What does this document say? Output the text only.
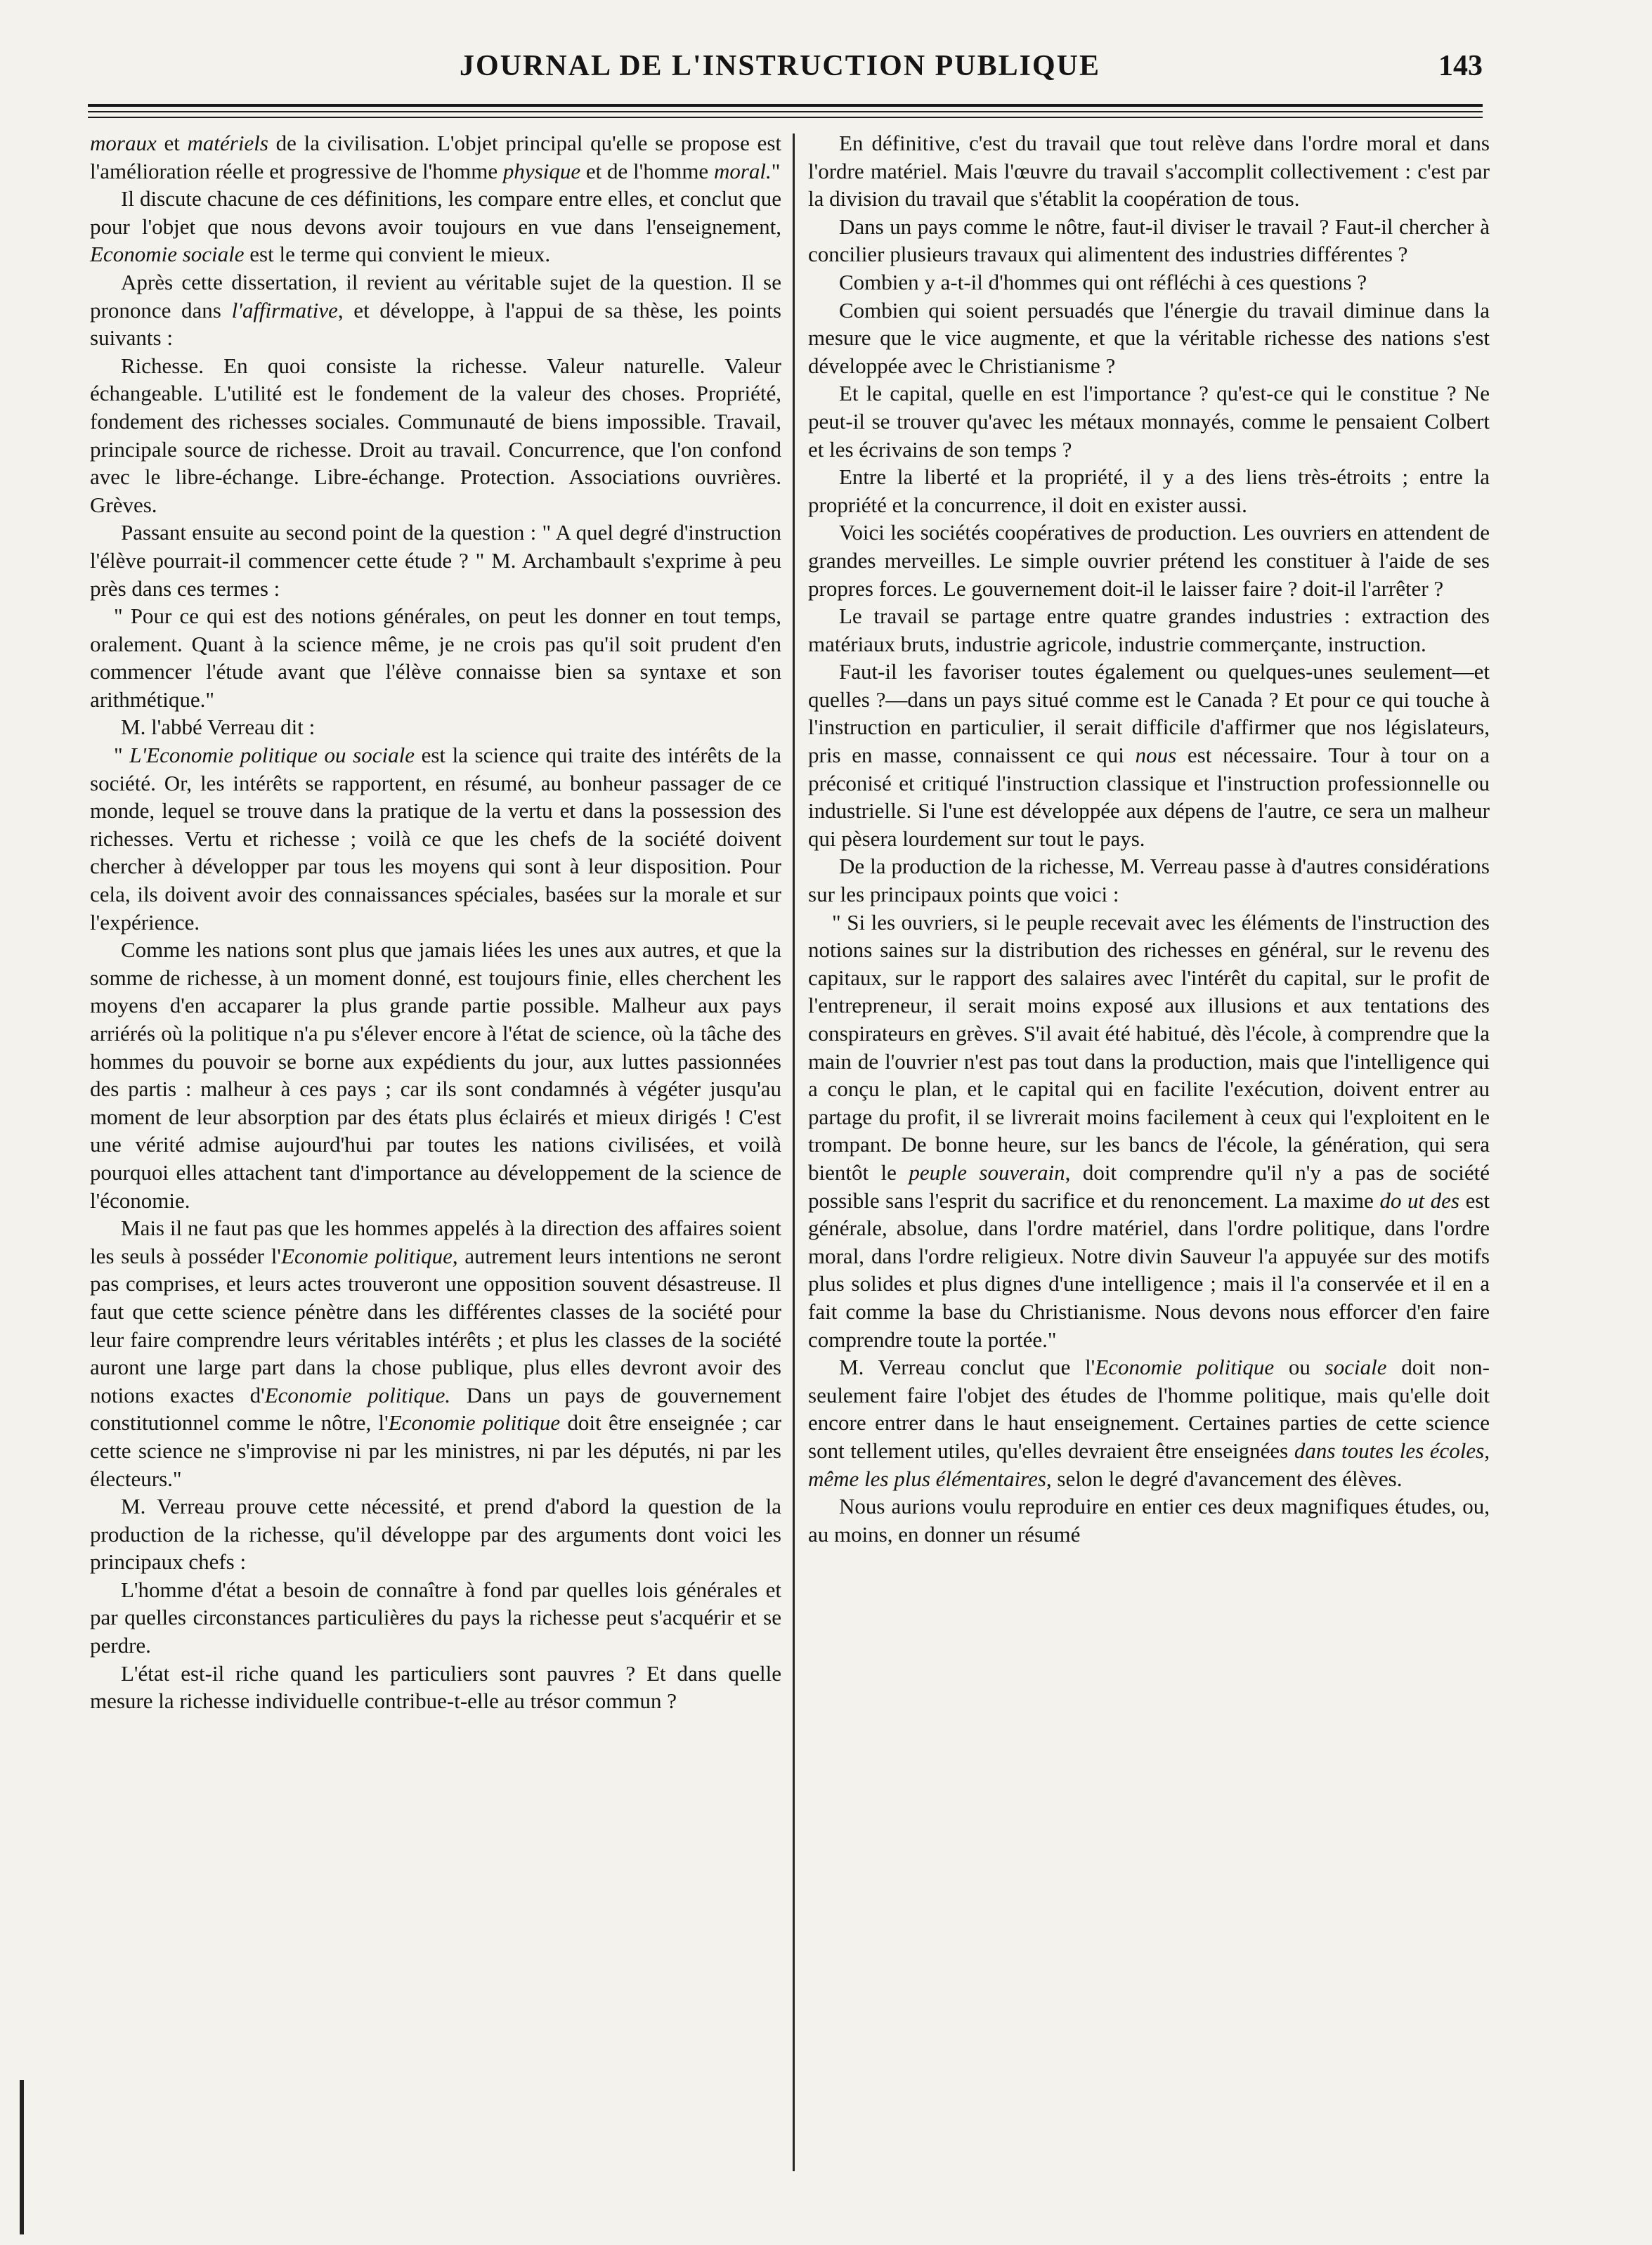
JOURNAL DE L'INSTRUCTION PUBLIQUE	143

moraux et matériels de la civilisation. L'objet principal qu'elle se propose est l'amélioration réelle et progressive de l'homme physique et de l'homme moral."

Il discute chacune de ces définitions, les compare entre elles, et conclut que pour l'objet que nous devons avoir toujours en vue dans l'enseignement, Economie sociale est le terme qui convient le mieux.

Après cette dissertation, il revient au véritable sujet de la question. Il se prononce dans l'affirmative, et développe, à l'appui de sa thèse, les points suivants :

Richesse. En quoi consiste la richesse. Valeur naturelle. Valeur échangeable. L'utilité est le fondement de la valeur des choses. Propriété, fondement des richesses sociales. Communauté de biens impossible. Travail, principale source de richesse. Droit au travail. Concurrence, que l'on confond avec le libre-échange. Libre-échange. Protection. Associations ouvrières. Grèves.

Passant ensuite au second point de la question : " A quel degré d'instruction l'élève pourrait-il commencer cette étude ? " M. Archambault s'exprime à peu près dans ces termes :

" Pour ce qui est des notions générales, on peut les donner en tout temps, oralement. Quant à la science même, je ne crois pas qu'il soit prudent d'en commencer l'étude avant que l'élève connaisse bien sa syntaxe et son arithmétique."

M. l'abbé Verreau dit :

" L'Economie politique ou sociale est la science qui traite des intérêts de la société. Or, les intérêts se rapportent, en résumé, au bonheur passager de ce monde, lequel se trouve dans la pratique de la vertu et dans la possession des richesses. Vertu et richesse ; voilà ce que les chefs de la société doivent chercher à développer par tous les moyens qui sont à leur disposition. Pour cela, ils doivent avoir des connaissances spéciales, basées sur la morale et sur l'expérience.

Comme les nations sont plus que jamais liées les unes aux autres, et que la somme de richesse, à un moment donné, est toujours finie, elles cherchent les moyens d'en accaparer la plus grande partie possible. Malheur aux pays arriérés où la politique n'a pu s'élever encore à l'état de science, où la tâche des hommes du pouvoir se borne aux expédients du jour, aux luttes passionnées des partis : malheur à ces pays ; car ils sont condamnés à végéter jusqu'au moment de leur absorption par des états plus éclairés et mieux dirigés ! C'est une vérité admise aujourd'hui par toutes les nations civilisées, et voilà pourquoi elles attachent tant d'importance au développement de la science de l'économie.

Mais il ne faut pas que les hommes appelés à la direction des affaires soient les seuls à posséder l'Economie politique, autrement leurs intentions ne seront pas comprises, et leurs actes trouveront une opposition souvent désastreuse. Il faut que cette science pénètre dans les différentes classes de la société pour leur faire comprendre leurs véritables intérêts ; et plus les classes de la société auront une large part dans la chose publique, plus elles devront avoir des notions exactes d'Economie politique. Dans un pays de gouvernement constitutionnel comme le nôtre, l'Economie politique doit être enseignée ; car cette science ne s'improvise ni par les ministres, ni par les députés, ni par les électeurs."

M. Verreau prouve cette nécessité, et prend d'abord la question de la production de la richesse, qu'il développe par des arguments dont voici les principaux chefs :

L'homme d'état a besoin de connaître à fond par quelles lois générales et par quelles circonstances particulières du pays la richesse peut s'acquérir et se perdre.

L'état est-il riche quand les particuliers sont pauvres ? Et dans quelle mesure la richesse individuelle contribue-t-elle au trésor commun ?

En définitive, c'est du travail que tout relève dans l'ordre moral et dans l'ordre matériel. Mais l'œuvre du travail s'accomplit collectivement : c'est par la division du travail que s'établit la coopération de tous.

Dans un pays comme le nôtre, faut-il diviser le travail ? Faut-il chercher à concilier plusieurs travaux qui alimentent des industries différentes ?

Combien y a-t-il d'hommes qui ont réfléchi à ces questions ?

Combien qui soient persuadés que l'énergie du travail diminue dans la mesure que le vice augmente, et que la véritable richesse des nations s'est développée avec le Christianisme ?

Et le capital, quelle en est l'importance ? qu'est-ce qui le constitue ? Ne peut-il se trouver qu'avec les métaux monnayés, comme le pensaient Colbert et les écrivains de son temps ?

Entre la liberté et la propriété, il y a des liens très-étroits ; entre la propriété et la concurrence, il doit en exister aussi.

Voici les sociétés coopératives de production. Les ouvriers en attendent de grandes merveilles. Le simple ouvrier prétend les constituer à l'aide de ses propres forces. Le gouvernement doit-il le laisser faire ? doit-il l'arrêter ?

Le travail se partage entre quatre grandes industries : extraction des matériaux bruts, industrie agricole, industrie commerçante, instruction.

Faut-il les favoriser toutes également ou quelques-unes seulement—et quelles ?—dans un pays situé comme est le Canada ? Et pour ce qui touche à l'instruction en particulier, il serait difficile d'affirmer que nos législateurs, pris en masse, connaissent ce qui nous est nécessaire. Tour à tour on a préconisé et critiqué l'instruction classique et l'instruction professionnelle ou industrielle. Si l'une est développée aux dépens de l'autre, ce sera un malheur qui pèsera lourdement sur tout le pays.

De la production de la richesse, M. Verreau passe à d'autres considérations sur les principaux points que voici :

" Si les ouvriers, si le peuple recevait avec les éléments de l'instruction des notions saines sur la distribution des richesses en général, sur le revenu des capitaux, sur le rapport des salaires avec l'intérêt du capital, sur le profit de l'entrepreneur, il serait moins exposé aux illusions et aux tentations des conspirateurs en grèves. S'il avait été habitué, dès l'école, à comprendre que la main de l'ouvrier n'est pas tout dans la production, mais que l'intelligence qui a conçu le plan, et le capital qui en facilite l'exécution, doivent entrer au partage du profit, il se livrerait moins facilement à ceux qui l'exploitent en le trompant. De bonne heure, sur les bancs de l'école, la génération, qui sera bientôt le peuple souverain, doit comprendre qu'il n'y a pas de société possible sans l'esprit du sacrifice et du renoncement. La maxime do ut des est générale, absolue, dans l'ordre matériel, dans l'ordre politique, dans l'ordre moral, dans l'ordre religieux. Notre divin Sauveur l'a appuyée sur des motifs plus solides et plus dignes d'une intelligence ; mais il l'a conservée et il en a fait comme la base du Christianisme. Nous devons nous efforcer d'en faire comprendre toute la portée."

M. Verreau conclut que l'Economie politique ou sociale doit non-seulement faire l'objet des études de l'homme politique, mais qu'elle doit encore entrer dans le haut enseignement. Certaines parties de cette science sont tellement utiles, qu'elles devraient être enseignées dans toutes les écoles, même les plus élémentaires, selon le degré d'avancement des élèves.

Nous aurions voulu reproduire en entier ces deux magnifiques études, ou, au moins, en donner un résumé
